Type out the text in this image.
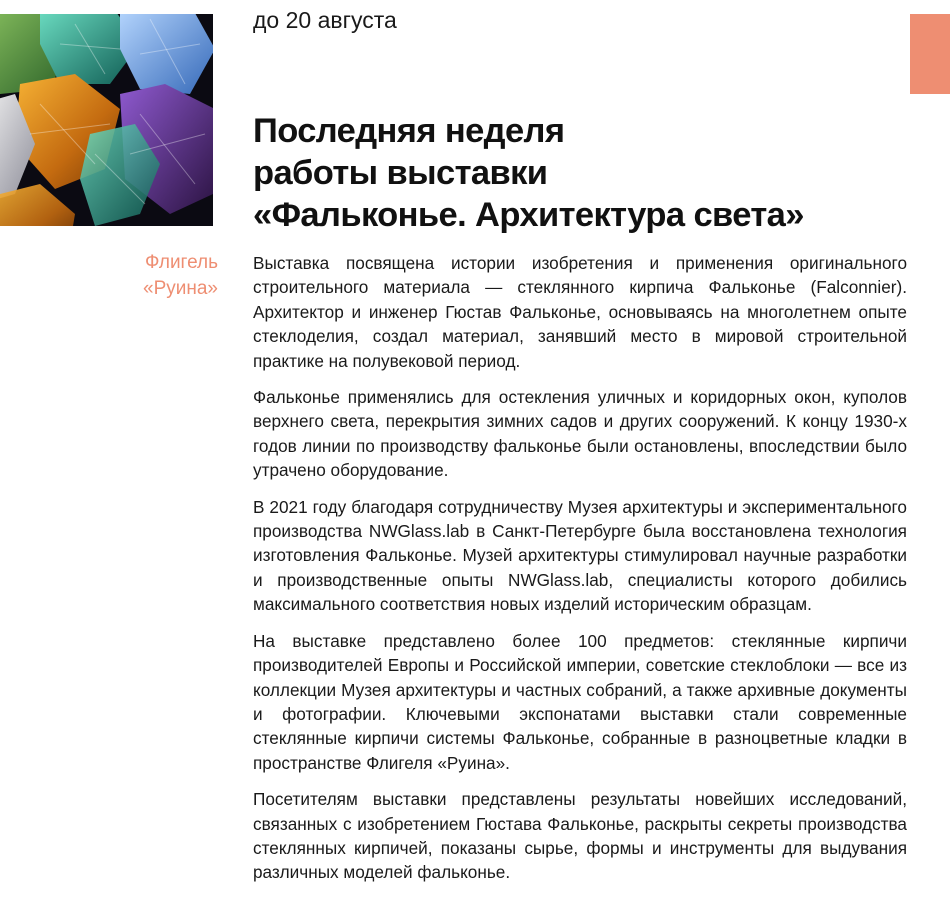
до 20 августа
Последняя неделя
работы выставки
«Фальконье. Архитектура света»
Флигель
«Руина»

Выставка посвящена истории изобретения и применения оригинального строительного материала — стеклянного кирпича Фальконье (Falconnier). Архитектор и инженер Гюстав Фальконье, основываясь на многолетнем опыте стеклоделия, создал материал, занявший место в мировой строительной практике на полувековой период.

Фальконье применялись для остекления уличных и коридорных окон, куполов верхнего света, перекрытия зимних садов и других сооружений. К концу 1930-х годов линии по производству фальконье были остановлены, впоследствии было утрачено оборудование.

В 2021 году благодаря сотрудничеству Музея архитектуры и экспериментального производства NWGlass.lab в Санкт-Петербурге была восстановлена технология изготовления Фальконье. Музей архитектуры стимулировал научные разработки и производственные опыты NWGlass.lab, специалисты которого добились максимального соответствия новых изделий историческим образцам.

На выставке представлено более 100 предметов: стеклянные кирпичи производителей Европы и Российской империи, советские стеклоблоки — все из коллекции Музея архитектуры и частных собраний, а также архивные документы и фотографии. Ключевыми экспонатами выставки стали современные стеклянные кирпичи системы Фальконье, собранные в разноцветные кладки в пространстве Флигеля «Руина».

Посетителям выставки представлены результаты новейших исследований, связанных с изобретением Гюстава Фальконье, раскрыты секреты производства стеклянных кирпичей, показаны сырье, формы и инструменты для выдувания различных моделей фальконье.
